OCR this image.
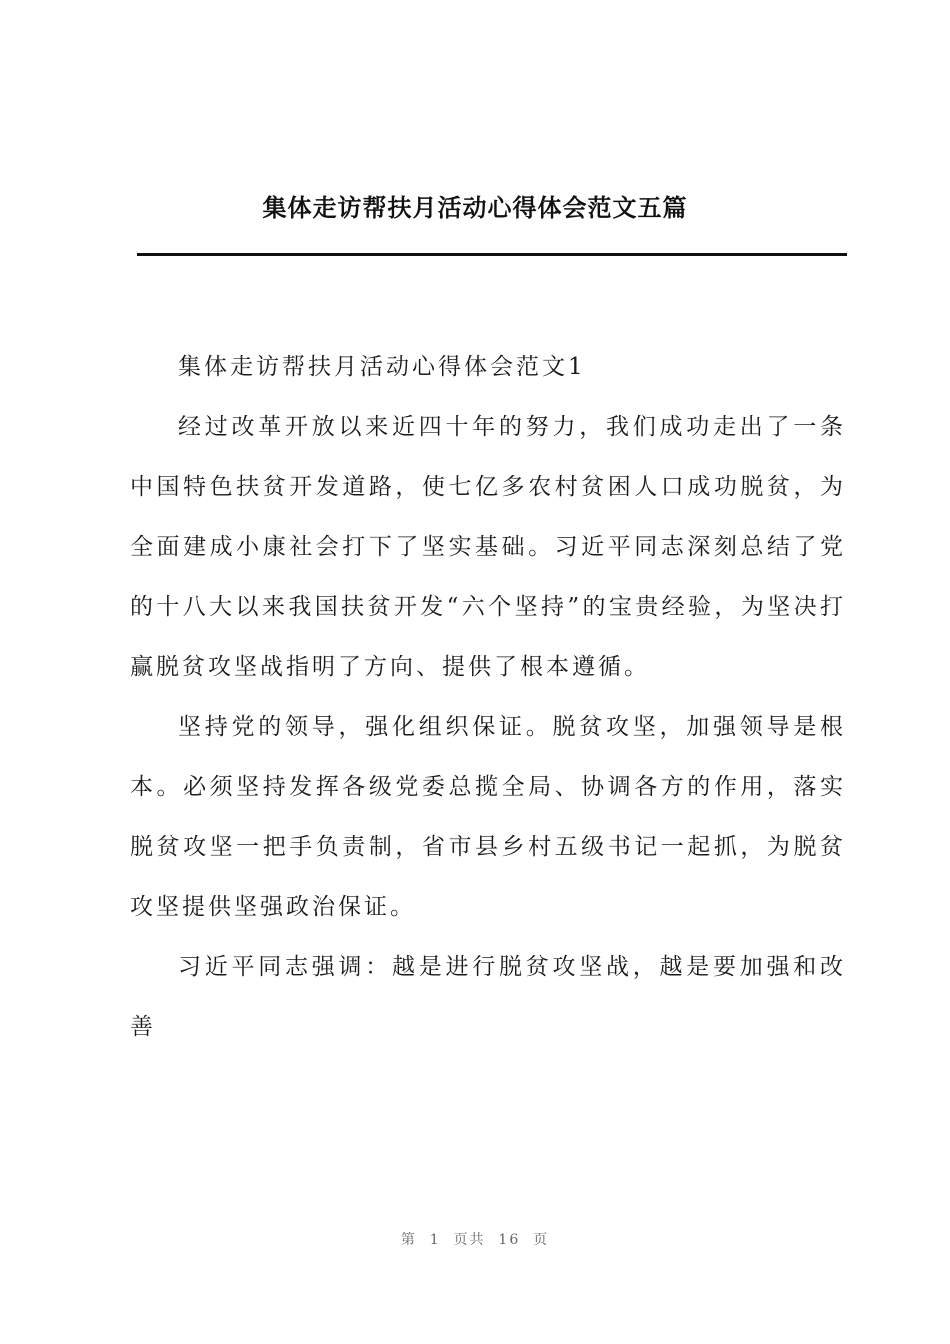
集体走访帮扶月活动心得体会范文五篇

集体走访帮扶月活动心得体会范文1

经过改革开放以来近四十年的努力，我们成功走出了一条中国特色扶贫开发道路，使七亿多农村贫困人口成功脱贫，为全面建成小康社会打下了坚实基础。习近平同志深刻总结了党的十八大以来我国扶贫开发“六个坚持”的宝贵经验，为坚决打赢脱贫攻坚战指明了方向、提供了根本遵循。

坚持党的领导，强化组织保证。脱贫攻坚，加强领导是根本。必须坚持发挥各级党委总揽全局、协调各方的作用，落实脱贫攻坚一把手负责制，省市县乡村五级书记一起抓，为脱贫攻坚提供坚强政治保证。

习近平同志强调：越是进行脱贫攻坚战，越是要加强和改善

第  1  页共  16  页
